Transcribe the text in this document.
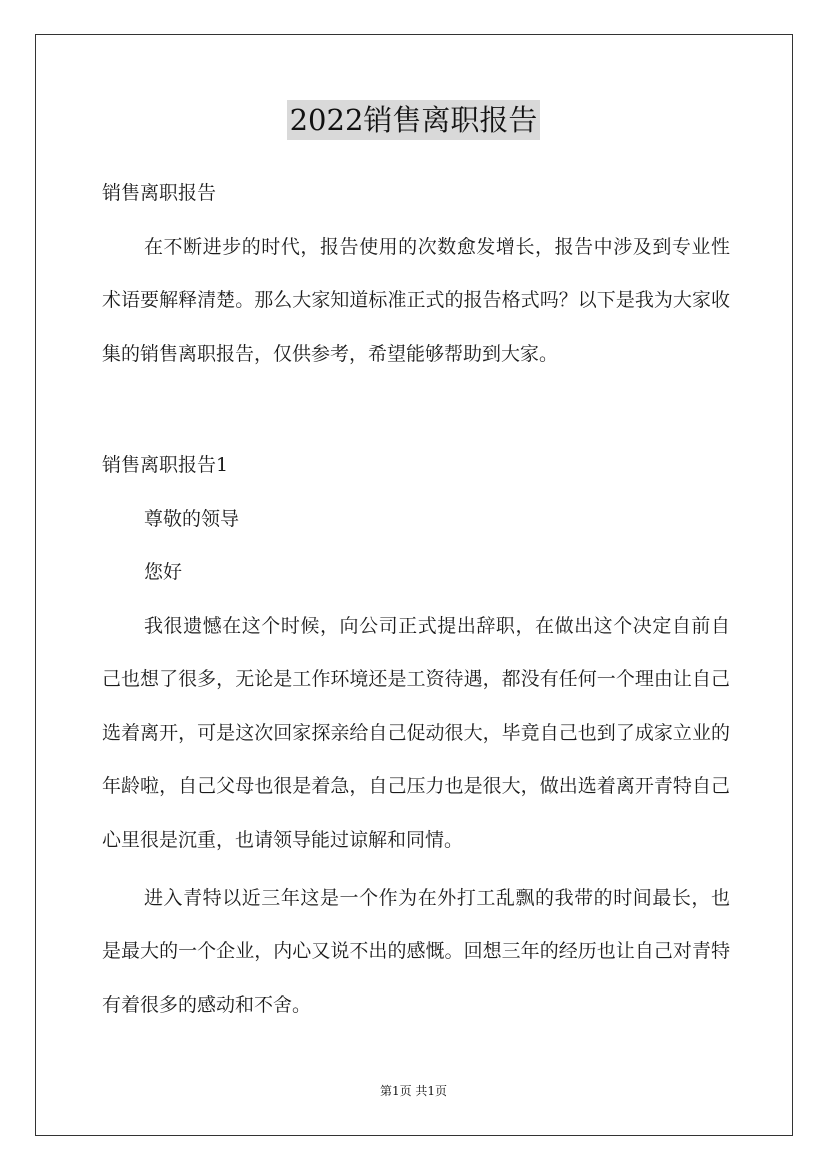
2022销售离职报告
销售离职报告
在不断进步的时代，报告使用的次数愈发增长，报告中涉及到专业性术语要解释清楚。那么大家知道标准正式的报告格式吗？以下是我为大家收集的销售离职报告，仅供参考，希望能够帮助到大家。
销售离职报告1
尊敬的领导
您好
我很遗憾在这个时候，向公司正式提出辞职，在做出这个决定自前自己也想了很多，无论是工作环境还是工资待遇，都没有任何一个理由让自己选着离开，可是这次回家探亲给自己促动很大，毕竟自己也到了成家立业的年龄啦，自己父母也很是着急，自己压力也是很大，做出选着离开青特自己心里很是沉重，也请领导能过谅解和同情。
进入青特以近三年这是一个作为在外打工乱飘的我带的时间最长，也是最大的一个企业，内心又说不出的感慨。回想三年的经历也让自己对青特有着很多的感动和不舍。
第1页 共1页
